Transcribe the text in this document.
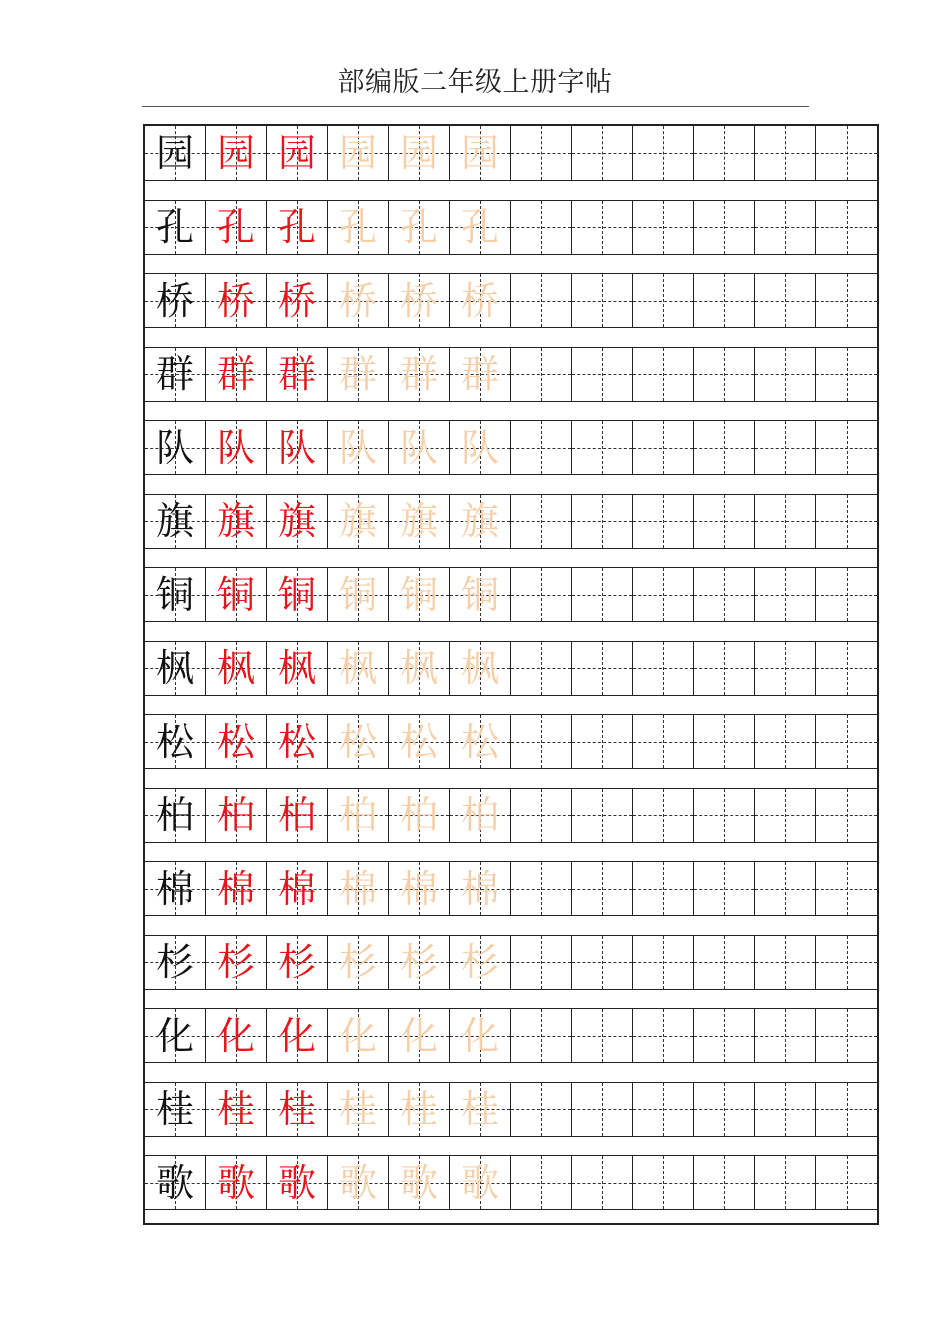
部编版二年级上册字帖
园 园 园 园 园 园
孔 孔 孔 孔 孔 孔
桥 桥 桥 桥 桥 桥
群 群 群 群 群 群
队 队 队 队 队 队
旗 旗 旗 旗 旗 旗
铜 铜 铜 铜 铜 铜
枫 枫 枫 枫 枫 枫
松 松 松 松 松 松
柏 柏 柏 柏 柏 柏
棉 棉 棉 棉 棉 棉
杉 杉 杉 杉 杉 杉
化 化 化 化 化 化
桂 桂 桂 桂 桂 桂
歌 歌 歌 歌 歌 歌
